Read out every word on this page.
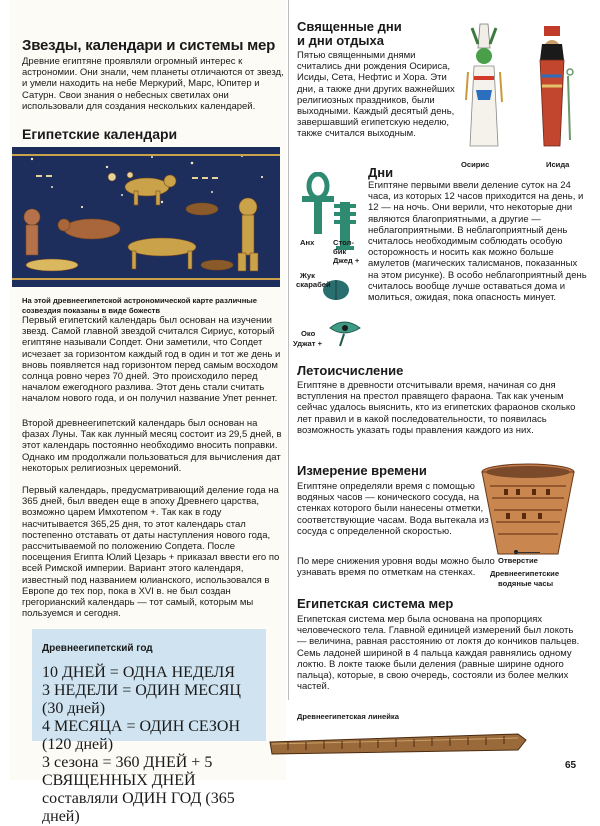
Звезды, календари и системы мер

Древние египтяне проявляли огромный интерес к астрономии. Они знали, чем планеты отличаются от звезд, и умели находить на небе Меркурий, Марс, Юпитер и Сатурн. Свои знания о небесных светилах они использовали для создания нескольких календарей.

Египетские календари
На этой древнеегипетской астрономической карте различные созвездия показаны в виде божеств

Первый египетский календарь был основан на изучении звезд. Самой главной звездой считался Сириус, который египтяне называли Сопдет. Они заметили, что Сопдет исчезает за горизонтом каждый год в один и тот же день и вновь появляется над горизонтом перед самым восходом солнца ровно через 70 дней. Это происходило перед началом ежегодного разлива. Этот день стали считать началом нового года, и он получил название Упет реннет.

Второй древнеегипетский календарь был основан на фазах Луны. Так как лунный месяц состоит из 29,5 дней, в этот календарь постоянно необходимо вносить поправки. Однако им продолжали пользоваться для вычисления дат некоторых религиозных церемоний.

Первый календарь, предусматривающий деление года на 365 дней, был введен еще в эпоху Древнего царства, возможно царем Имхотепом +. Так как в году насчитывается 365,25 дня, то этот календарь стал постепенно отставать от даты наступления нового года, рассчитываемой по положению Сопдета. После посещения Египта Юлий Цезарь + приказал ввести его по всей Римской империи. Вариант этого календаря, известный под названием юлианского, использовался в Европе до тех пор, пока в XVI в. не был создан грегорианский календарь — тот самый, которым мы пользуемся и сегодня.

Древнеегипетский год
10 ДНЕЙ = ОДНА НЕДЕЛЯ
3 НЕДЕЛИ = ОДИН МЕСЯЦ (30 дней)
4 МЕСЯЦА = ОДИН СЕЗОН (120 дней)
3 сезона = 360 ДНЕЙ + 5 СВЯЩЕННЫХ ДНЕЙ
составляли ОДИН ГОД (365 дней)
Священные дни
и дни отдыха

Пятью священными днями считались дни рождения Осириса, Исиды, Сета, Нефтис и Хора. Эти дни, а также дни других важнейших религиозных праздников, были выходными. Каждый десятый день, завершавший египетскую неделю, также считался выходным.

Осирис	Исида
Дни

Египтяне первыми ввели деление суток на 24 часа, из которых 12 часов приходится на день, и 12 — на ночь. Они верили, что некоторые дни являются благоприятными, а другие — неблагоприятными. В неблагоприятный день считалось необходимым соблюдать особую осторожность и носить как можно больше амулетов (магических талисманов, показанных на этом рисунке). В особо неблагоприятный день считалось вообще лучше оставаться дома и молиться, ожидая, пока опасность минует.

Анх Стол-
бик
Джед +
Жук
скарабей
Око
Уджат +
Летоисчисление

Египтяне в древности отсчитывали время, начиная со дня вступления на престол правящего фараона. Так как ученым сейчас удалось выяснить, кто из египетских фараонов сколько лет правил и в какой последовательности, то появилась возможность указать годы правления каждого из них.

Измерение времени

Египтяне определяли время с помощью водяных часов — конического сосуда, на стенках которого были нанесены отметки, соответствующие часам. Вода вытекала из сосуда с определенной скоростью.

По мере снижения уровня воды можно было узнавать время по отметкам на стенках.

Отверстие
Древнеегипетские
водяные часы
Египетская система мер

Египетская система мер была основана на пропорциях человеческого тела. Главной единицей измерений был локоть — величина, равная расстоянию от локтя до кончиков пальцев. Семь ладоней шириной в 4 пальца каждая равнялись одному локтю. В локте также были деления (равные ширине одного пальца), которые, в свою очередь, состояли из более мелких частей.

Древнеегипетская линейка
65
